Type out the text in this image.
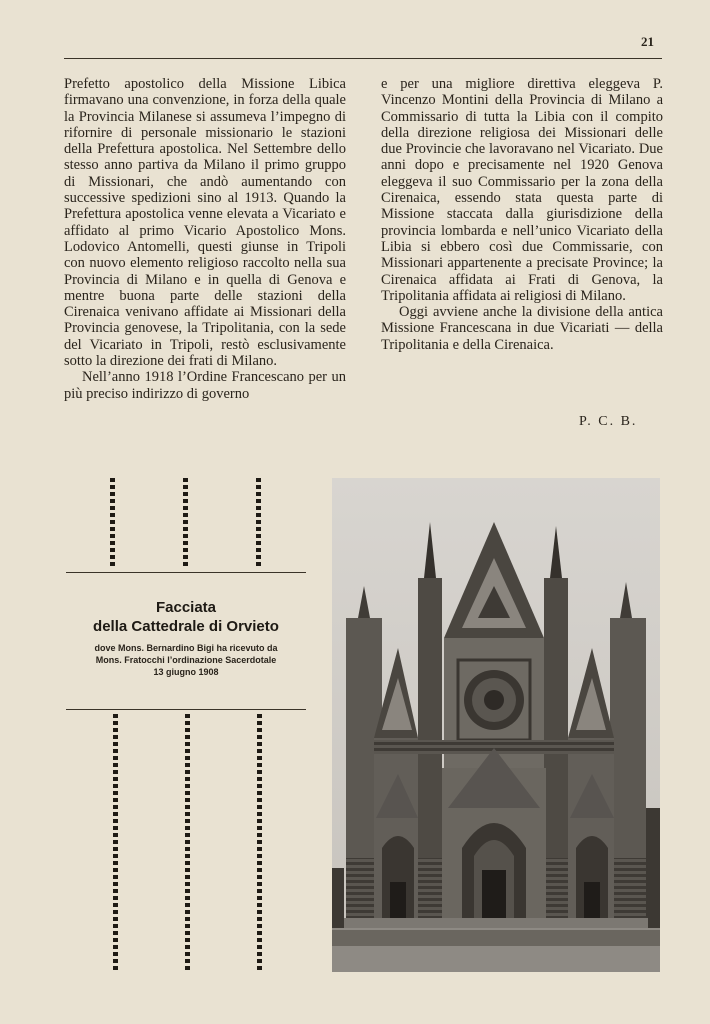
21

Prefetto apostolico della Missione Libica firmavano una convenzione, in forza della quale la Provincia Milanese si assumeva l’impegno di rifornire di personale missionario le stazioni della Prefettura apostolica. Nel Settembre dello stesso anno partiva da Milano il primo gruppo di Missionari, che andò aumentando con successive spedizioni sino al 1913. Quando la Prefettura apostolica venne elevata a Vicariato e affidato al primo Vicario Apostolico Mons. Lodovico Antomelli, questi giunse in Tripoli con nuovo elemento religioso raccolto nella sua Provincia di Milano e in quella di Genova e mentre buona parte delle stazioni della Cirenaica venivano affidate ai Missionari della Provincia genovese, la Tripolitania, con la sede del Vicariato in Tripoli, restò esclusivamente sotto la direzione dei frati di Milano.

Nell’anno 1918 l’Ordine Francescano per un più preciso indirizzo di governo

e per una migliore direttiva eleggeva P. Vincenzo Montini della Provincia di Milano a Commissario di tutta la Libia con il compito della direzione religiosa dei Missionari delle due Provincie che lavoravano nel Vicariato. Due anni dopo e precisamente nel 1920 Genova eleggeva il suo Commissario per la zona della Cirenaica, essendo stata questa parte di Missione staccata dalla giurisdizione della provincia lombarda e nell’unico Vicariato della Libia si ebbero così due Commissarie, con Missionari appartenente a precisate Province; la Cirenaica affidata ai Frati di Genova, la Tripolitania affidata ai religiosi di Milano.

Oggi avviene anche la divisione della antica Missione Francescana in due Vicariati — della Tripolitania e della Cirenaica.

P. C. B.
Facciata
della Cattedrale di Orvieto
dove Mons. Bernardino Bigi ha ricevuto da
Mons. Fratocchi l’ordinazione Sacerdotale
13 giugno 1908
